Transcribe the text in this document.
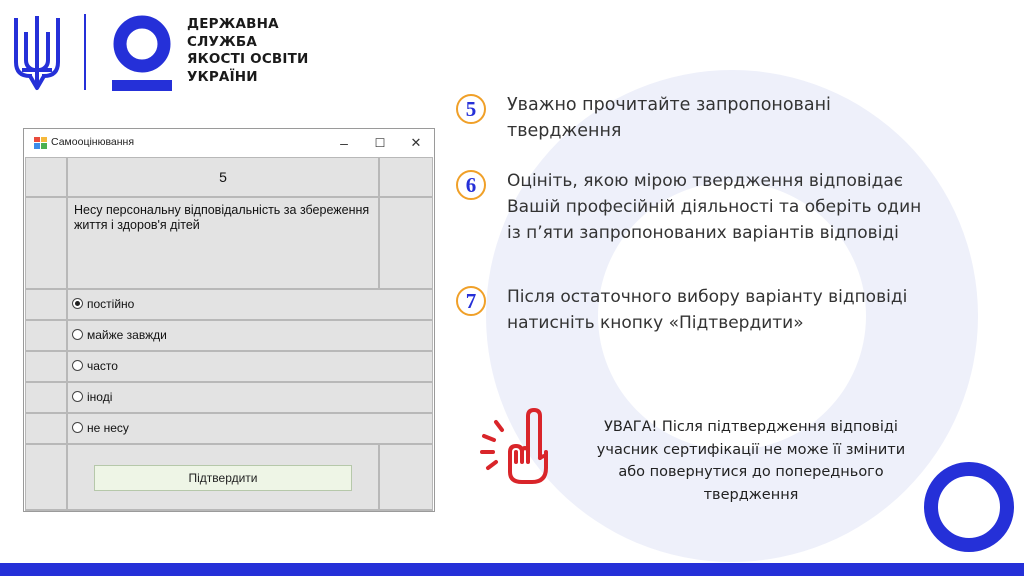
ДЕРЖАВНА
СЛУЖБА
ЯКОСТІ ОСВІТИ
УКРАЇНИ
Самооцінювання	–	☐	✕
5
Несу персональну відповідальність за збереження життя і здоров'я дітей
постійно
майже завжди
часто
іноді
не несу
Підтвердити
5	Уважно прочитайте запропоновані
твердження
6	Оцініть, якою мірою твердження відповідає
Вашій професійній діяльності та оберіть один
із п’яти запропонованих варіантів відповіді
7	Після остаточного вибору варіанту відповіді
натисніть кнопку «Підтвердити»
УВАГА! Після підтвердження відповіді
учасник сертифікації не може її змінити
або повернутися до попереднього
твердження
